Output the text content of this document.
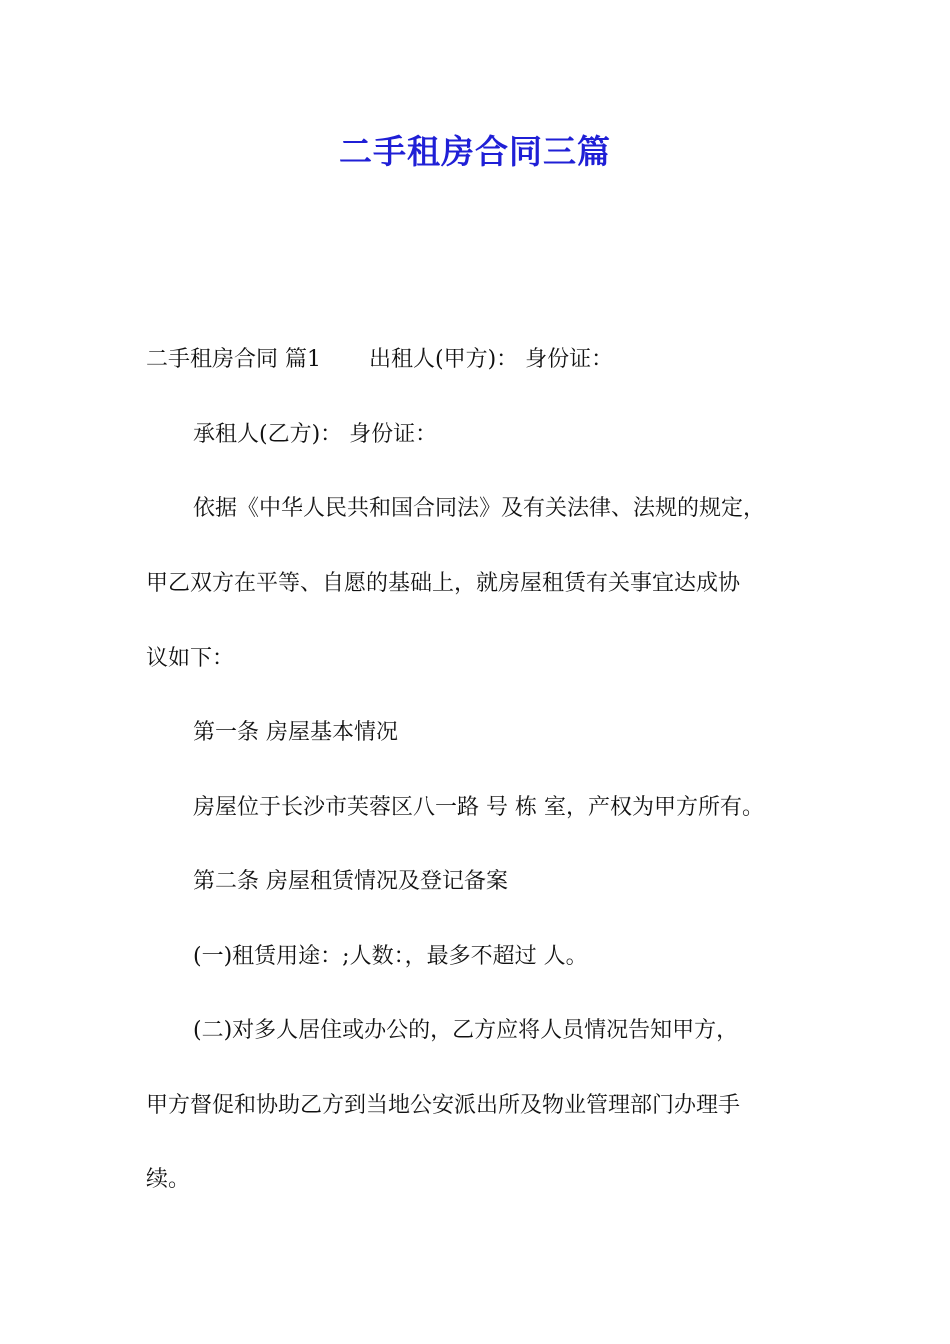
二手租房合同三篇
二手租房合同 篇1 出租人(甲方)： 身份证：
承租人(乙方)： 身份证：
依据《中华人民共和国合同法》及有关法律、法规的规定，
甲乙双方在平等、自愿的基础上，就房屋租赁有关事宜达成协
议如下：
第一条 房屋基本情况
房屋位于长沙市芙蓉区八一路 号 栋 室，产权为甲方所有。
第二条 房屋租赁情况及登记备案
(一)租赁用途：;人数：，最多不超过 人。
(二)对多人居住或办公的，乙方应将人员情况告知甲方，
甲方督促和协助乙方到当地公安派出所及物业管理部门办理手
续。
